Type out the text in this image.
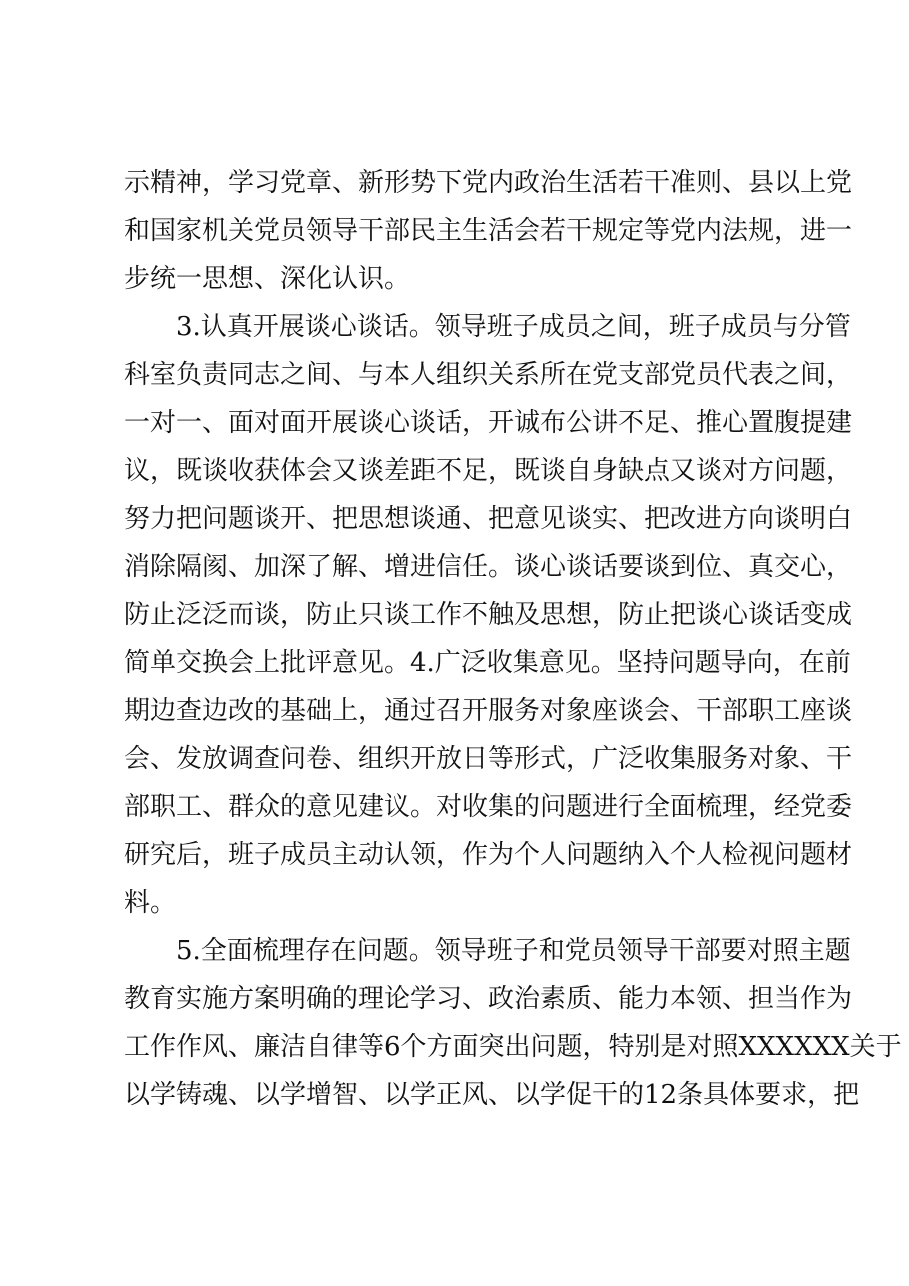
示精神，学习党章、新形势下党内政治生活若干准则、县以上党
和国家机关党员领导干部民主生活会若干规定等党内法规，进一
步统一思想、深化认识。
3.认真开展谈心谈话。领导班子成员之间，班子成员与分管
科室负责同志之间、与本人组织关系所在党支部党员代表之间，
一对一、面对面开展谈心谈话，开诚布公讲不足、推心置腹提建
议，既谈收获体会又谈差距不足，既谈自身缺点又谈对方问题，
努力把问题谈开、把思想谈通、把意见谈实、把改进方向谈明白
消除隔阂、加深了解、增进信任。谈心谈话要谈到位、真交心，
防止泛泛而谈，防止只谈工作不触及思想，防止把谈心谈话变成
简单交换会上批评意见。4.广泛收集意见。坚持问题导向，在前
期边查边改的基础上，通过召开服务对象座谈会、干部职工座谈
会、发放调查问卷、组织开放日等形式，广泛收集服务对象、干
部职工、群众的意见建议。对收集的问题进行全面梳理，经党委
研究后，班子成员主动认领，作为个人问题纳入个人检视问题材
料。
5.全面梳理存在问题。领导班子和党员领导干部要对照主题
教育实施方案明确的理论学习、政治素质、能力本领、担当作为
工作作风、廉洁自律等6个方面突出问题，特别是对照XXXXXX关于
以学铸魂、以学增智、以学正风、以学促干的12条具体要求，把
